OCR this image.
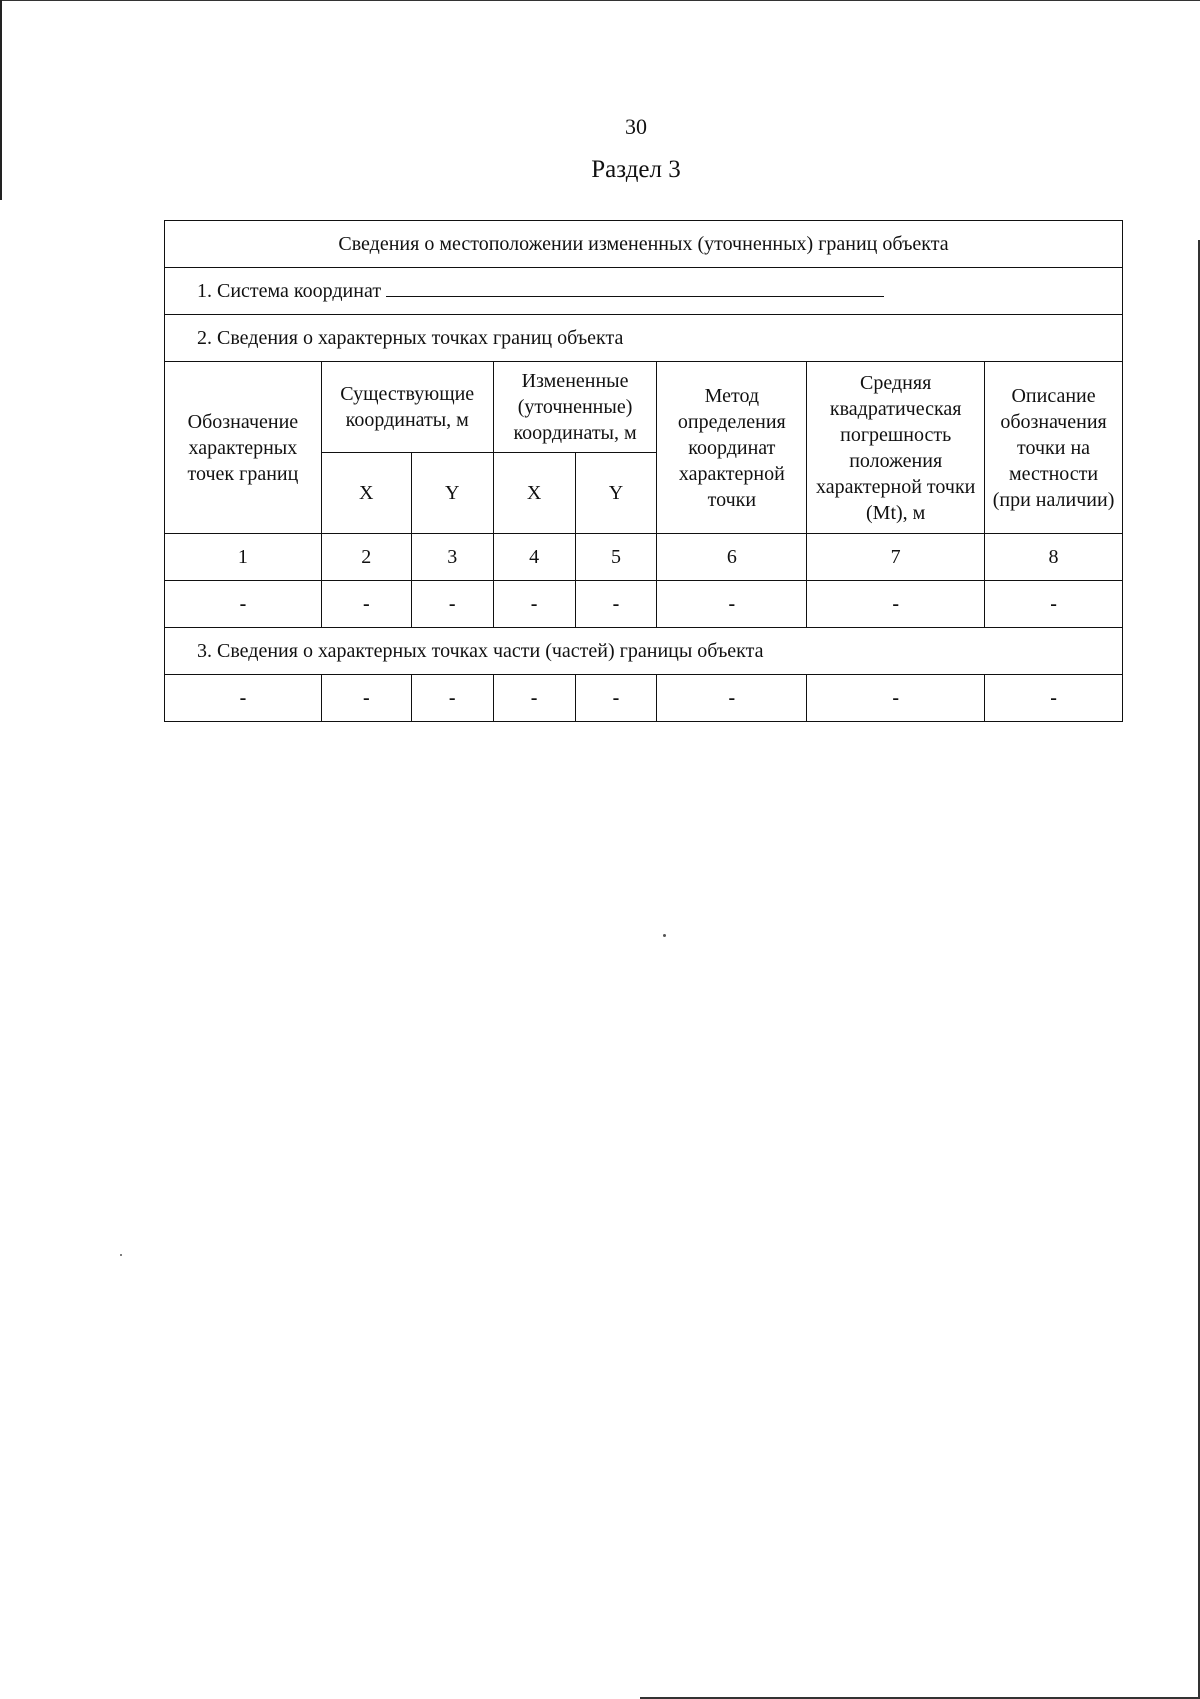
30
Раздел 3
Сведения о местоположении измененных (уточненных) границ объекта							
1. Система координат							
2. Сведения о характерных точках границ объекта							
Обозначение характерных точек границ	Существующие координаты, м		Измененные (уточненные) координаты, м		Метод определения координат характерной точки	Средняя квадратическая погрешность положения характерной точки (Mt), м	Описание обозначения точки на местности (при наличии)
	X	Y	X	Y			
1	2	3	4	5	6	7	8
-	-	-	-	-	-	-	-
3. Сведения о характерных точках части (частей) границы объекта							
-	-	-	-	-	-	-	-
